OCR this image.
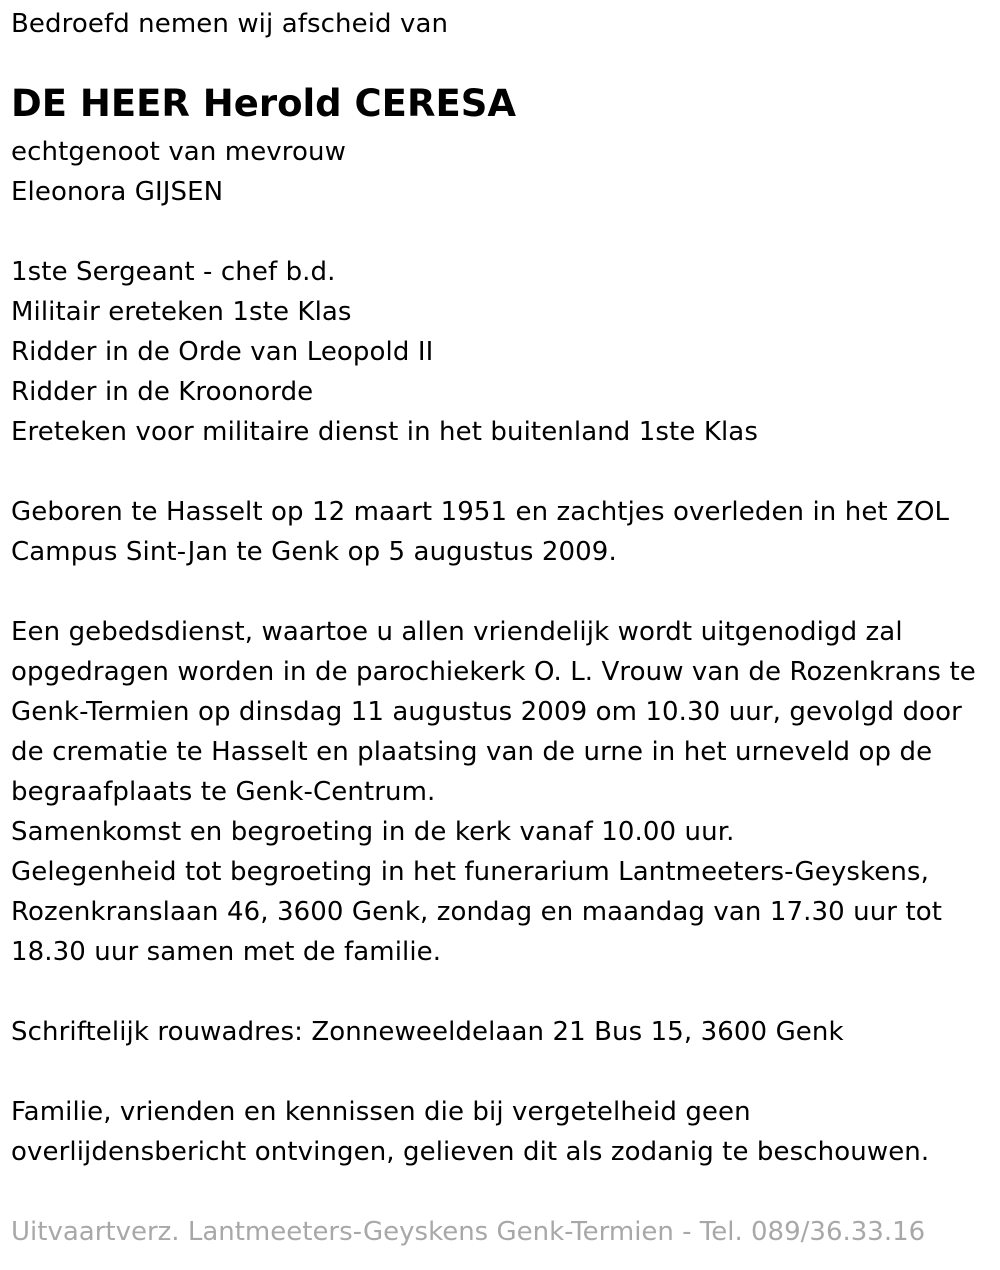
Bedroefd nemen wij afscheid van
DE HEER Herold CERESA
echtgenoot van mevrouw
Eleonora GIJSEN
1ste Sergeant - chef b.d.
Militair ereteken 1ste Klas
Ridder in de Orde van Leopold II
Ridder in de Kroonorde
Ereteken voor militaire dienst in het buitenland 1ste Klas
Geboren te Hasselt op 12 maart 1951 en zachtjes overleden in het ZOL
Campus Sint-Jan te Genk op 5 augustus 2009.
Een gebedsdienst, waartoe u allen vriendelijk wordt uitgenodigd zal
opgedragen worden in de parochiekerk O. L. Vrouw van de Rozenkrans te
Genk-Termien op dinsdag 11 augustus 2009 om 10.30 uur, gevolgd door
de crematie te Hasselt en plaatsing van de urne in het urneveld op de
begraafplaats te Genk-Centrum.
Samenkomst en begroeting in de kerk vanaf 10.00 uur.
Gelegenheid tot begroeting in het funerarium Lantmeeters-Geyskens,
Rozenkranslaan 46, 3600 Genk, zondag en maandag van 17.30 uur tot
18.30 uur samen met de familie.
Schriftelijk rouwadres: Zonneweeldelaan 21 Bus 15, 3600 Genk
Familie, vrienden en kennissen die bij vergetelheid geen
overlijdensbericht ontvingen, gelieven dit als zodanig te beschouwen.
Uitvaartverz. Lantmeeters-Geyskens Genk-Termien - Tel. 089/36.33.16
